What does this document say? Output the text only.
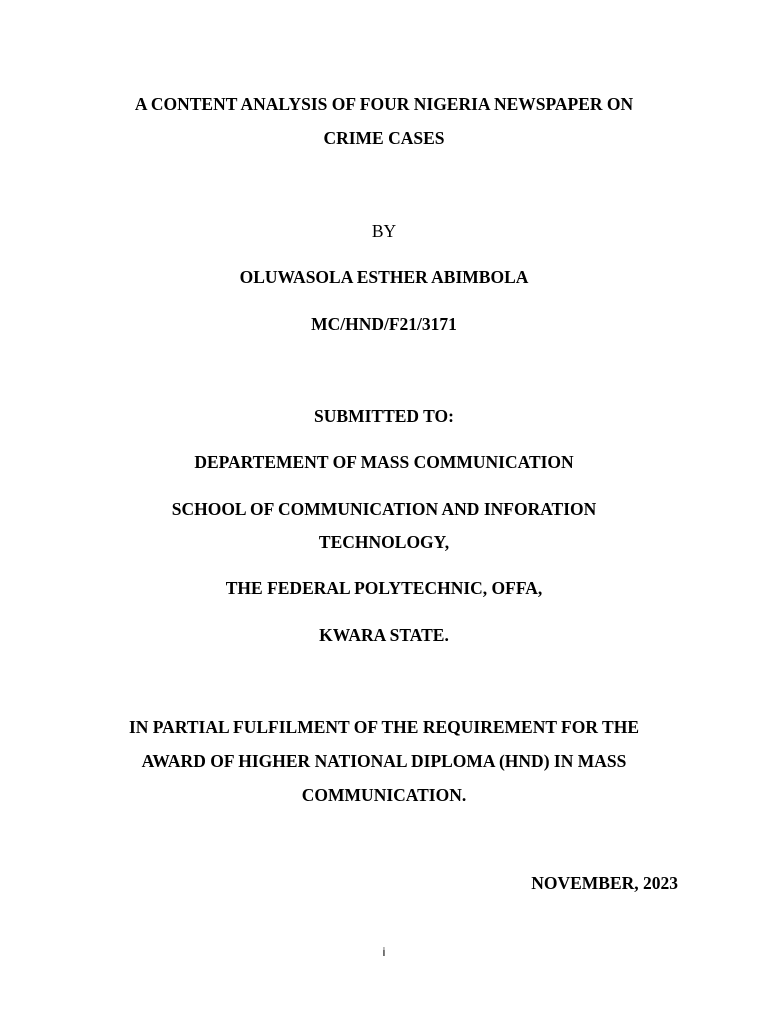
A CONTENT ANALYSIS OF FOUR NIGERIA NEWSPAPER ON
CRIME CASES
BY
OLUWASOLA ESTHER ABIMBOLA
MC/HND/F21/3171
SUBMITTED TO:
DEPARTEMENT OF MASS COMMUNICATION
SCHOOL OF COMMUNICATION AND INFORATION
TECHNOLOGY,
THE FEDERAL POLYTECHNIC, OFFA,
KWARA STATE.
IN PARTIAL FULFILMENT OF THE REQUIREMENT FOR THE
AWARD OF HIGHER NATIONAL DIPLOMA (HND) IN MASS
COMMUNICATION.
NOVEMBER, 2023
i
